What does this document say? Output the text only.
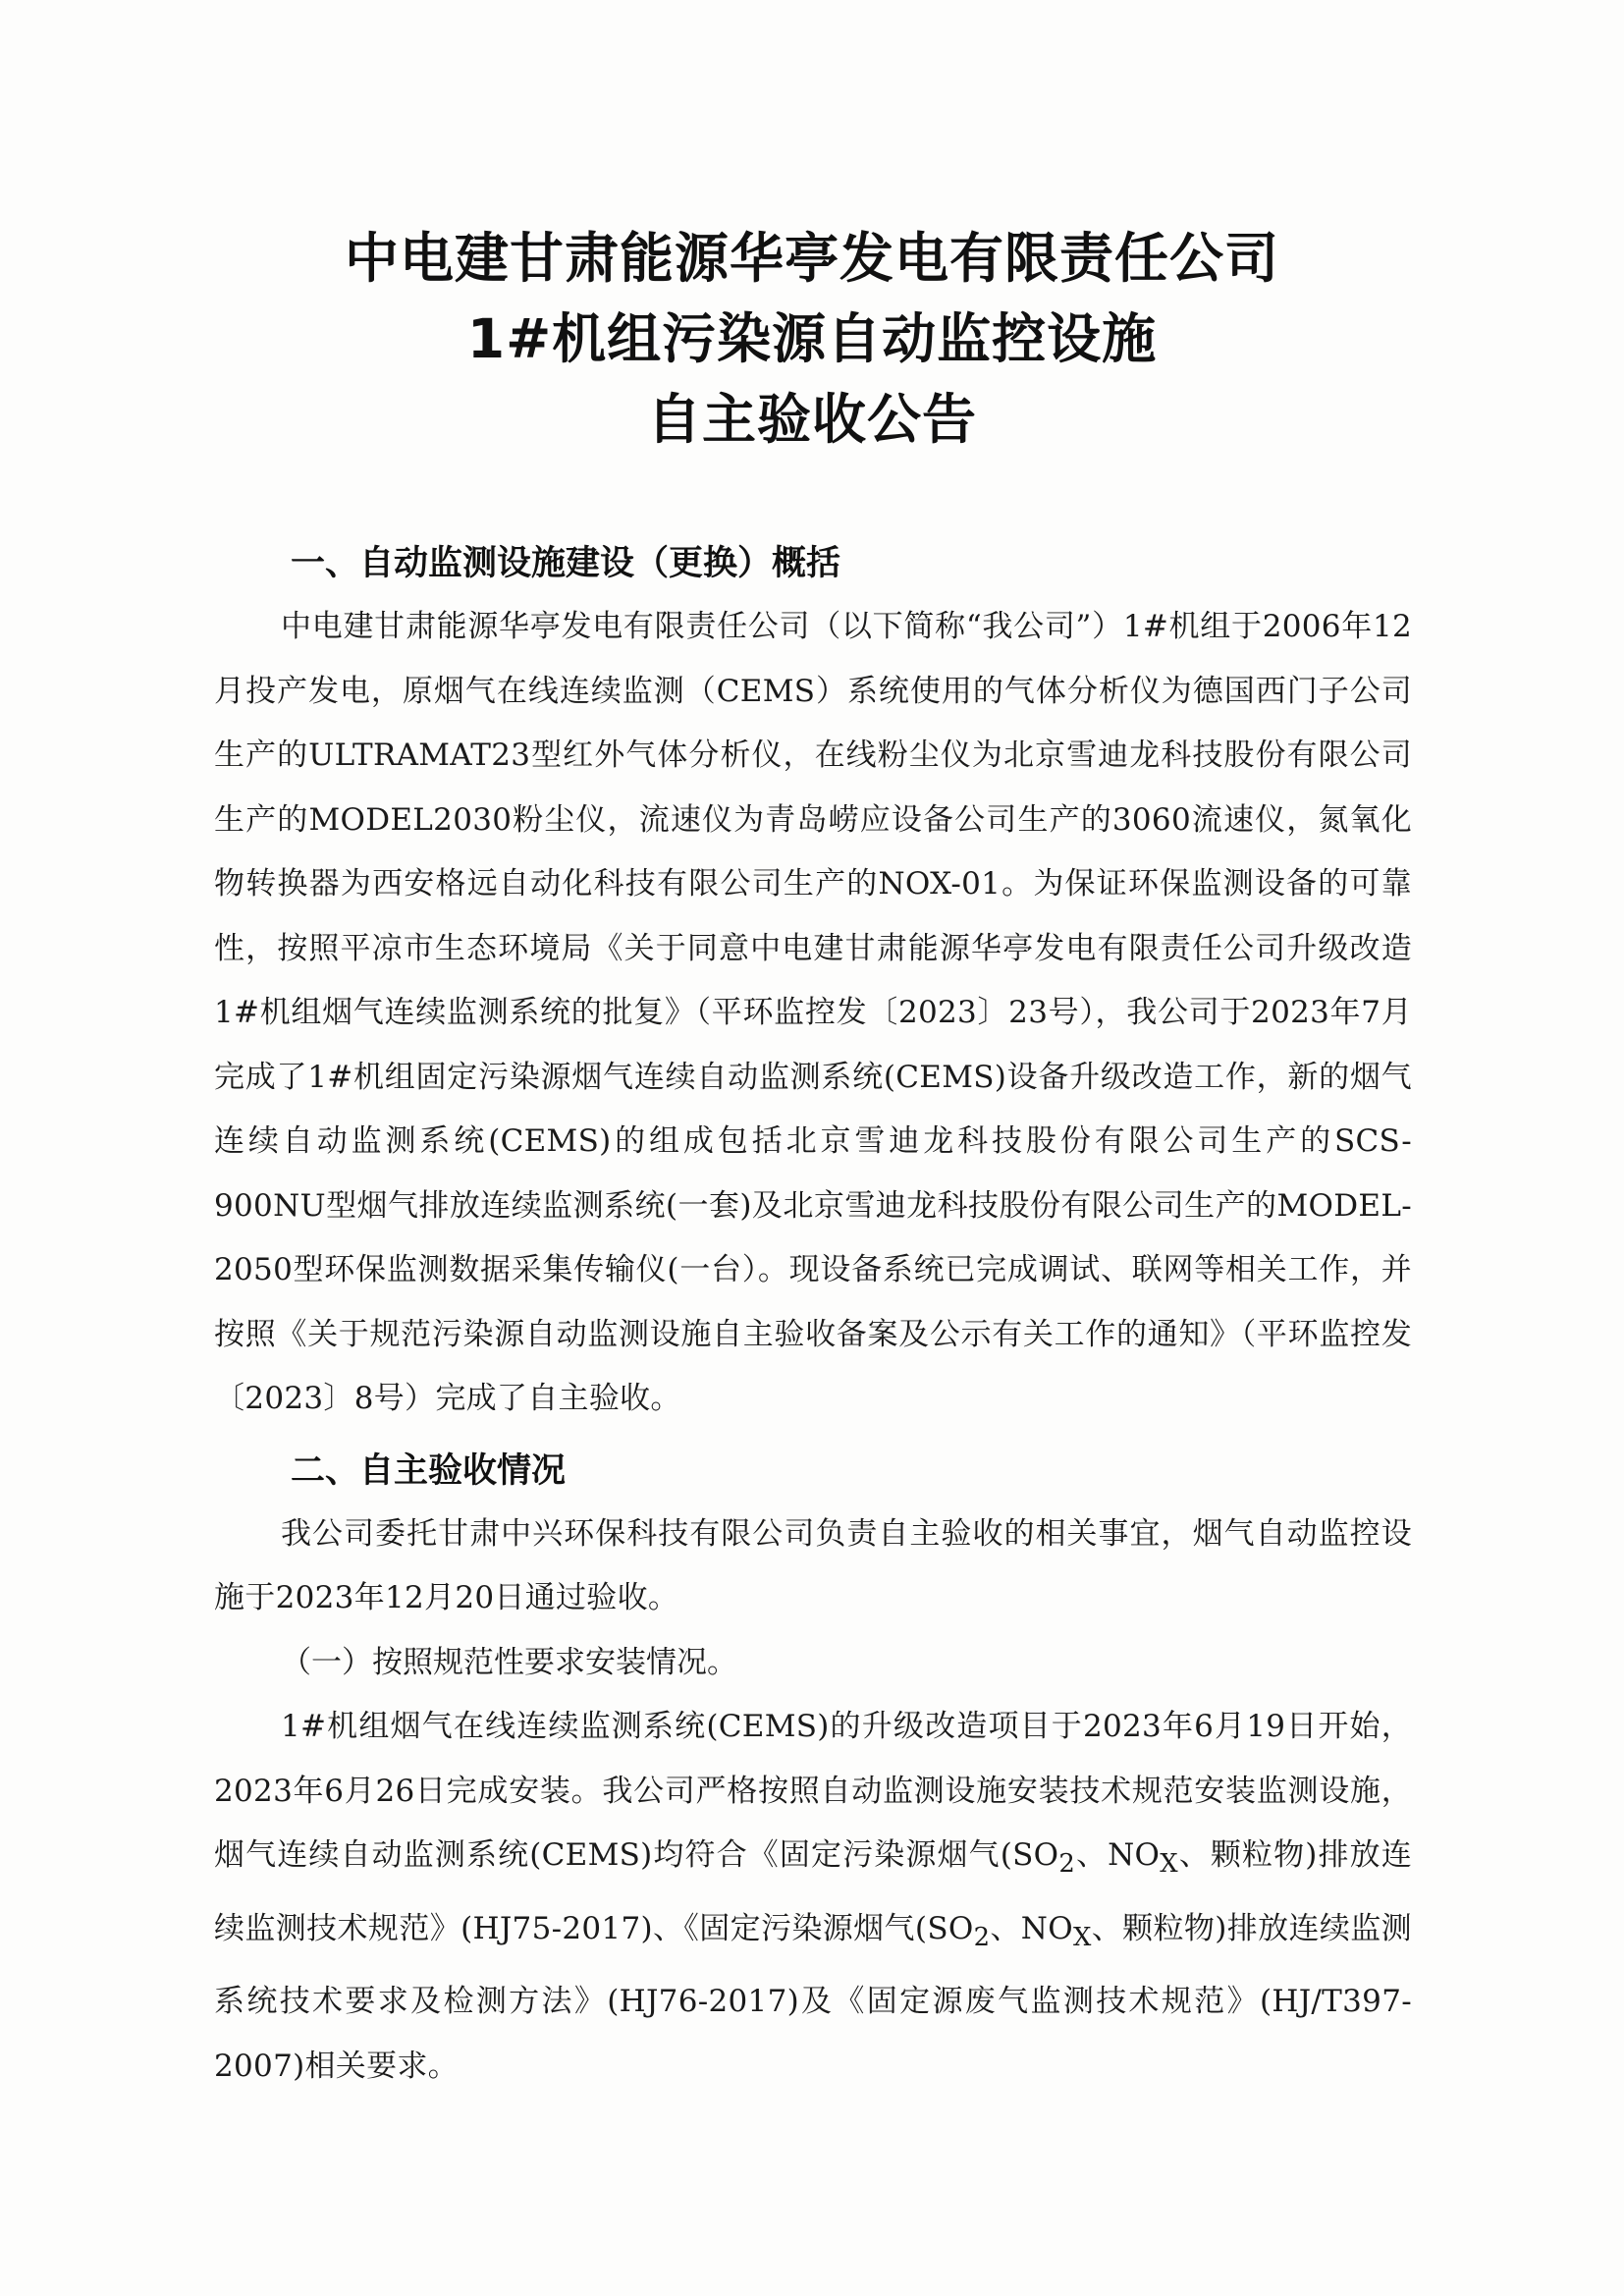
中电建甘肃能源华亭发电有限责任公司
1#机组污染源自动监控设施
自主验收公告
一、自动监测设施建设（更换）概括

中电建甘肃能源华亭发电有限责任公司（以下简称“我公司”）1#机组于2006年12月投产发电，原烟气在线连续监测（CEMS）系统使用的气体分析仪为德国西门子公司生产的ULTRAMAT23型红外气体分析仪，在线粉尘仪为北京雪迪龙科技股份有限公司生产的MODEL2030粉尘仪，流速仪为青岛崂应设备公司生产的3060流速仪，氮氧化物转换器为西安格远自动化科技有限公司生产的NOX-01。为保证环保监测设备的可靠性，按照平凉市生态环境局《关于同意中电建甘肃能源华亭发电有限责任公司升级改造1#机组烟气连续监测系统的批复》（平环监控发〔2023〕23号），我公司于2023年7月完成了1#机组固定污染源烟气连续自动监测系统(CEMS)设备升级改造工作，新的烟气连续自动监测系统(CEMS)的组成包括北京雪迪龙科技股份有限公司生产的SCS-900NU型烟气排放连续监测系统(一套)及北京雪迪龙科技股份有限公司生产的MODEL-2050型环保监测数据采集传输仪(一台）。现设备系统已完成调试、联网等相关工作，并按照《关于规范污染源自动监测设施自主验收备案及公示有关工作的通知》（平环监控发〔2023〕8号）完成了自主验收。

二、自主验收情况

我公司委托甘肃中兴环保科技有限公司负责自主验收的相关事宜，烟气自动监控设施于2023年12月20日通过验收。

（一）按照规范性要求安装情况。

1#机组烟气在线连续监测系统(CEMS)的升级改造项目于2023年6月19日开始，2023年6月26日完成安装。我公司严格按照自动监测设施安装技术规范安装监测设施，烟气连续自动监测系统(CEMS)均符合《固定污染源烟气($SO_2$、$NO_X$、颗粒物)排放连续监测技术规范》(HJ75-2017)、《固定污染源烟气($SO_2$、$NO_X$、颗粒物)排放连续监测系统技术要求及检测方法》(HJ76-2017)及《固定源废气监测技术规范》(HJ/T397-2007)相关要求。
